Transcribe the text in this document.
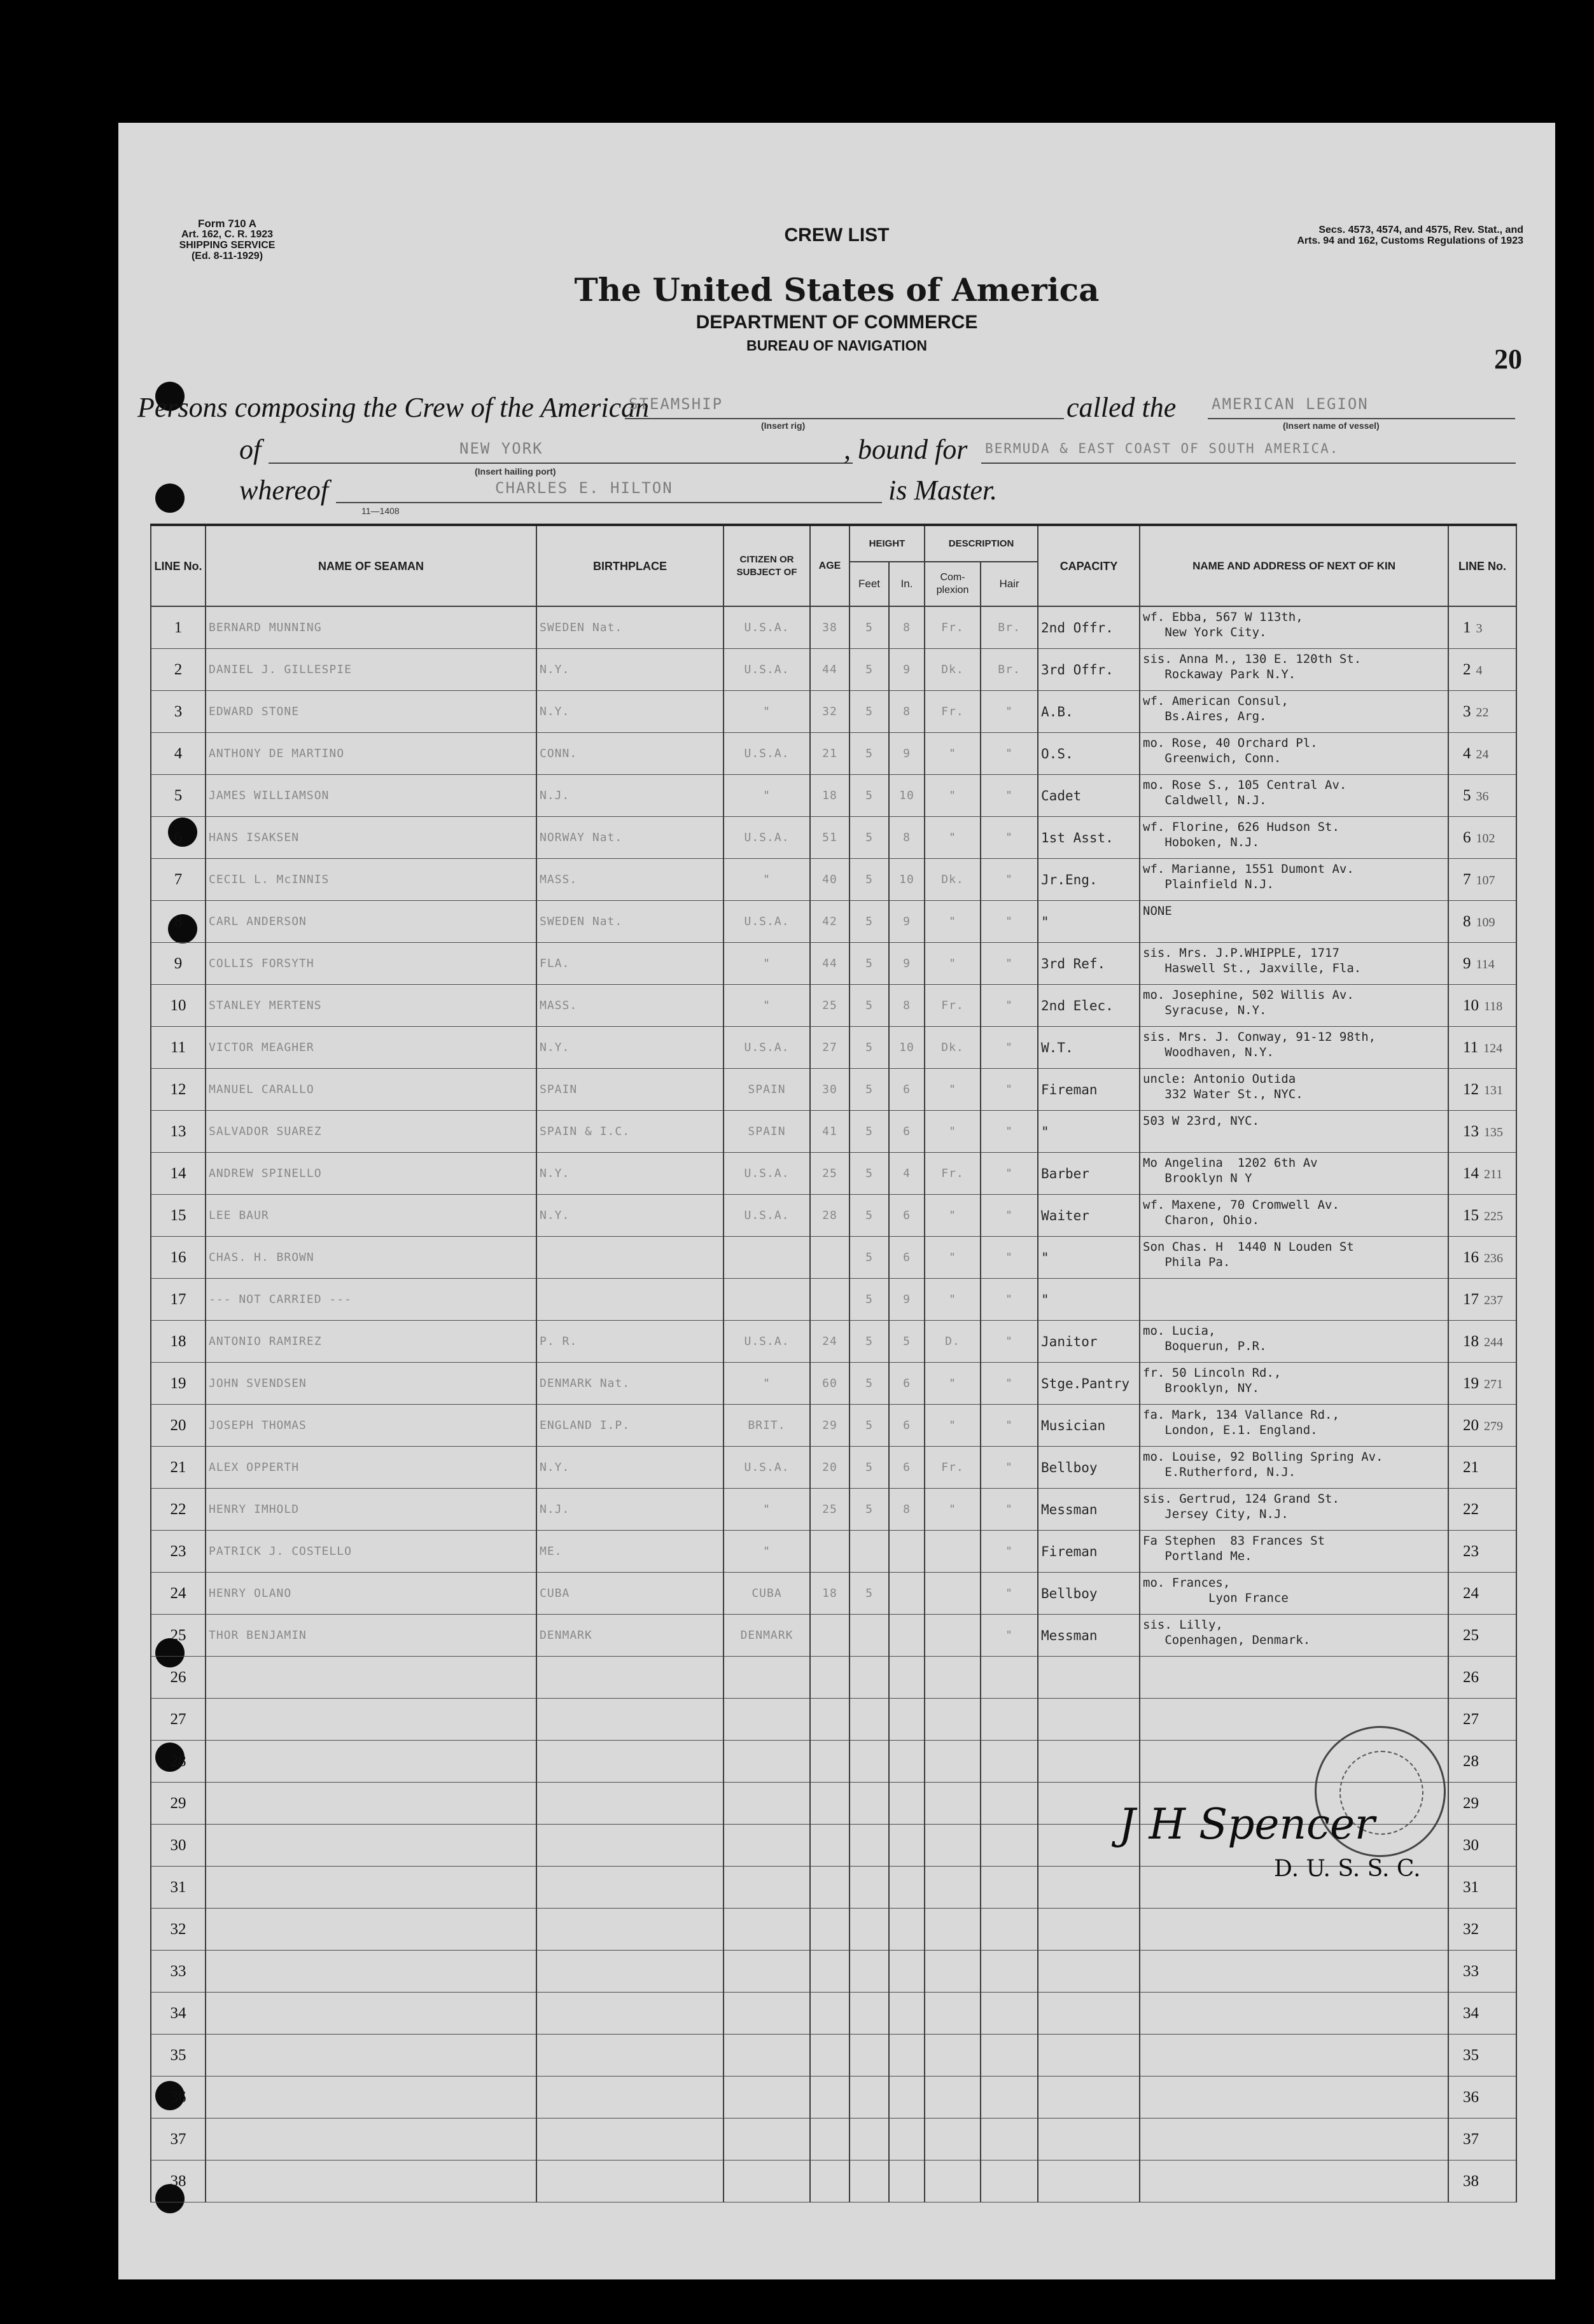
Form 710 A
Art. 162, C. R. 1923
SHIPPING SERVICE
(Ed. 8-11-1929)
Secs. 4573, 4574, and 4575, Rev. Stat., and
Arts. 94 and 162, Customs Regulations of 1923
CREW LIST
The United States of America
DEPARTMENT OF COMMERCE
BUREAU OF NAVIGATION	20
Persons composing the Crew of the American
STEAMSHIP
(Insert rig)
called the AMERICAN LEGION
(Insert name of vessel)
of	NEW YORK
(Insert hailing port)
, bound for BERMUDA & EAST COAST OF SOUTH AMERICA.
whereof	CHARLES E. HILTON
11—1408
is Master.
LINE No.	NAME OF SEAMAN	BIRTHPLACE	CITIZEN OR SUBJECT OF	AGE	HEIGHT		DESCRIPTION		CAPACITY	NAME AND ADDRESS OF NEXT OF KIN	LINE No.
					Feet	In.	Com- plexion	Hair			
1	BERNARD MUNNING	SWEDEN Nat.	U.S.A.	38	5	8	Fr.	Br.	2nd Offr.	wf. Ebba, 567 W 113th,
New York City.	1 3
2	DANIEL J. GILLESPIE	N.Y.	U.S.A.	44	5	9	Dk.	Br.	3rd Offr.	sis. Anna M., 130 E. 120th St.
Rockaway Park N.Y.	2 4
3	EDWARD STONE	N.Y.	"	32	5	8	Fr.	"	A.B.	wf. American Consul,
Bs.Aires, Arg.	3 22
4	ANTHONY DE MARTINO	CONN.	U.S.A.	21	5	9	"	"	O.S.	mo. Rose, 40 Orchard Pl.
Greenwich, Conn.	4 24
5	JAMES WILLIAMSON	N.J.	"	18	5	10	"	"	Cadet	mo. Rose S., 105 Central Av.
Caldwell, N.J.	5 36
6	HANS ISAKSEN	NORWAY Nat.	U.S.A.	51	5	8	"	"	1st Asst.	wf. Florine, 626 Hudson St.
Hoboken, N.J.	6 102
7	CECIL L. McINNIS	MASS.	"	40	5	10	Dk.	"	Jr.Eng.	wf. Marianne, 1551 Dumont Av.
Plainfield N.J.	7 107
8	CARL ANDERSON	SWEDEN Nat.	U.S.A.	42	5	9	"	"	"	NONE	8 109
9	COLLIS FORSYTH	FLA.	"	44	5	9	"	"	3rd Ref.	sis. Mrs. J.P.WHIPPLE, 1717
Haswell St., Jaxville, Fla.	9 114
10	STANLEY MERTENS	MASS.	"	25	5	8	Fr.	"	2nd Elec.	mo. Josephine, 502 Willis Av.
Syracuse, N.Y.	10 118
11	VICTOR MEAGHER	N.Y.	U.S.A.	27	5	10	Dk.	"	W.T.	sis. Mrs. J. Conway, 91-12 98th,
Woodhaven, N.Y.	11 124
12	MANUEL CARALLO	SPAIN	SPAIN	30	5	6	"	"	Fireman	uncle: Antonio Outida
332 Water St., NYC.	12 131
13	SALVADOR SUAREZ	SPAIN & I.C.	SPAIN	41	5	6	"	"	"	503 W 23rd, NYC.	13 135
14	ANDREW SPINELLO	N.Y.	U.S.A.	25	5	4	Fr.	"	Barber	Mo Angelina  1202 6th Av
Brooklyn N Y	14 211
15	LEE BAUR	N.Y.	U.S.A.	28	5	6	"	"	Waiter	wf. Maxene, 70 Cromwell Av.
Charon, Ohio.	15 225
16	CHAS. H. BROWN				5	6	"	"	"	Son Chas. H  1440 N Louden St
Phila Pa.	16 236
17	--- NOT CARRIED ---				5	9	"	"	"		17 237
18	ANTONIO RAMIREZ	P. R.	U.S.A.	24	5	5	D.	"	Janitor	mo. Lucia,
Boquerun, P.R.	18 244
19	JOHN SVENDSEN	DENMARK Nat.	"	60	5	6	"	"	Stge.Pantry	fr. 50 Lincoln Rd.,
Brooklyn, NY.	19 271
20	JOSEPH THOMAS	ENGLAND I.P.	BRIT.	29	5	6	"	"	Musician	fa. Mark, 134 Vallance Rd.,
London, E.1. England.	20 279
21	ALEX OPPERTH	N.Y.	U.S.A.	20	5	6	Fr.	"	Bellboy	mo. Louise, 92 Bolling Spring Av.
E.Rutherford, N.J.	21
22	HENRY IMHOLD	N.J.	"	25	5	8	"	"	Messman	sis. Gertrud, 124 Grand St.
Jersey City, N.J.	22
23	PATRICK J. COSTELLO	ME.	"					"	Fireman	Fa Stephen  83 Frances St
Portland Me.	23
24	HENRY OLANO	CUBA	CUBA	18	5			"	Bellboy	mo. Frances,
Lyon France	24
25	THOR BENJAMIN	DENMARK	DENMARK					"	Messman	sis. Lilly,
Copenhagen, Denmark.	25
26											26
27											27
28											28
29											29
30											30
31											31
32											32
33											33
34											34
35											35
36											36
37											37
38											38
J H Spencer
D. U. S. S. C.
